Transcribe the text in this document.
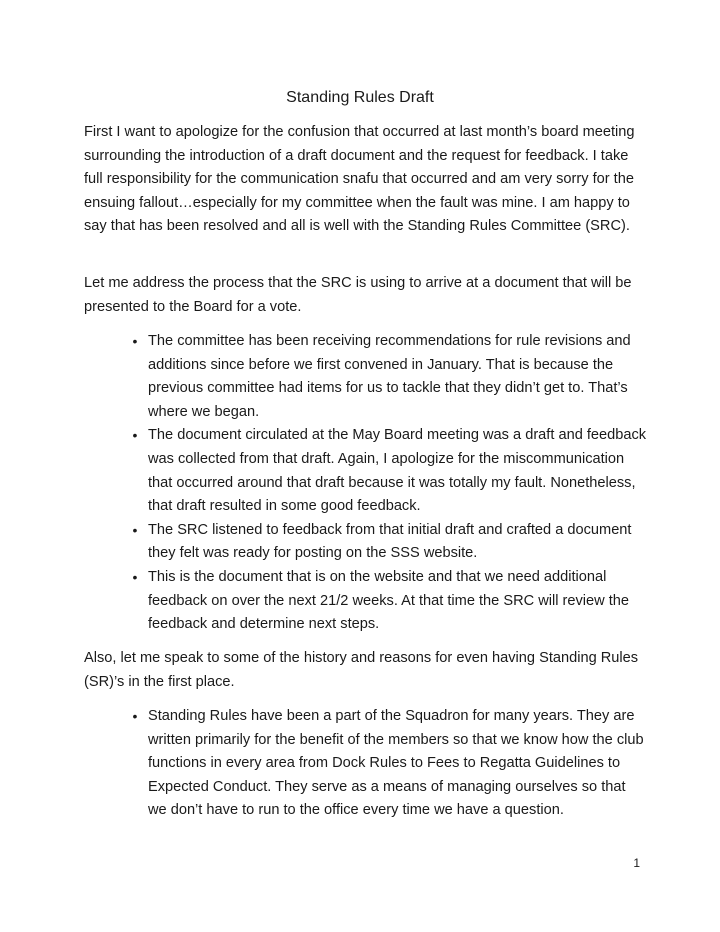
Standing Rules Draft

First I want to apologize for the confusion that occurred at last month’s board meeting surrounding the introduction of a draft document and the request for feedback. I take full responsibility for the communication snafu that occurred and am very sorry for the ensuing fallout…especially for my committee when the fault was mine. I am happy to say that has been resolved and all is well with the Standing Rules Committee (SRC).

Let me address the process that the SRC is using to arrive at a document that will be presented to the Board for a vote.

• The committee has been receiving recommendations for rule revisions and additions since before we first convened in January. That is because the previous committee had items for us to tackle that they didn’t get to. That’s where we began.
• The document circulated at the May Board meeting was a draft and feedback was collected from that draft. Again, I apologize for the miscommunication that occurred around that draft because it was totally my fault. Nonetheless, that draft resulted in some good feedback.
• The SRC listened to feedback from that initial draft and crafted a document they felt was ready for posting on the SSS website.
• This is the document that is on the website and that we need additional feedback on over the next 21/2 weeks. At that time the SRC will review the feedback and determine next steps.

Also, let me speak to some of the history and reasons for even having Standing Rules (SR)’s in the first place.

• Standing Rules have been a part of the Squadron for many years. They are written primarily for the benefit of the members so that we know how the club functions in every area from Dock Rules to Fees to Regatta Guidelines to Expected Conduct. They serve as a means of managing ourselves so that we don’t have to run to the office every time we have a question.
1
